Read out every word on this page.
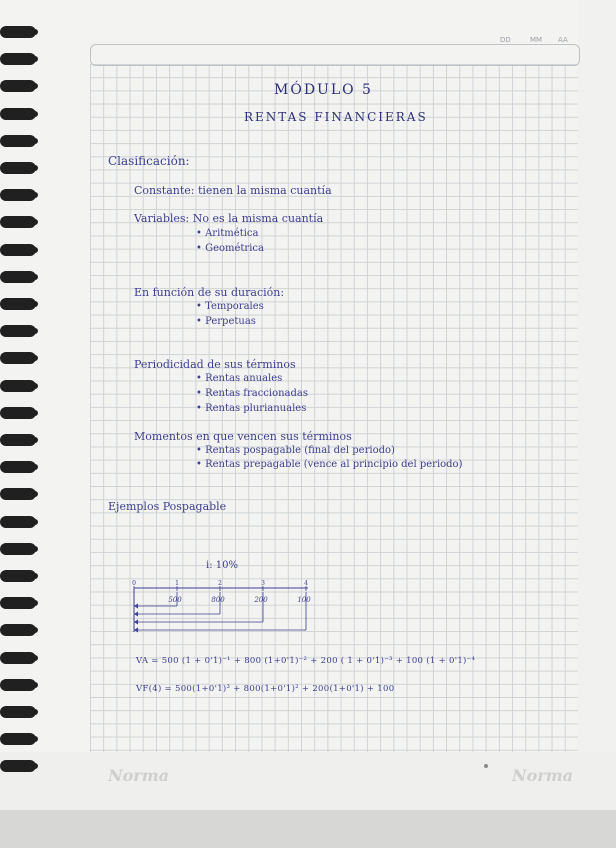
DD	MM AA
MÓDULO 5
RENTAS FINANCIERAS
Clasificación:
Constante: tienen la misma cuantía
Variables: No es la misma cuantía
• Aritmética
• Geométrica
En función de su duración:
• Temporales
• Perpetuas
Periodicidad de sus términos
• Rentas anuales
• Rentas fraccionadas
• Rentas plurianuales
Momentos en que vencen sus términos
• Rentas pospagable (final del periodo)
• Rentas prepagable (vence al principio del periodo)
Ejemplos Pospagable
i: 10%
0	1	2	3	4
500	800	200	100
VA = 500 (1 + 0'1)⁻¹ + 800 (1+0'1)⁻² + 200 ( 1 + 0'1)⁻³ + 100 (1 + 0'1)⁻⁴
VF(4) = 500(1+0'1)³ + 800(1+0'1)² + 200(1+0'1) + 100
Norma	Norma
